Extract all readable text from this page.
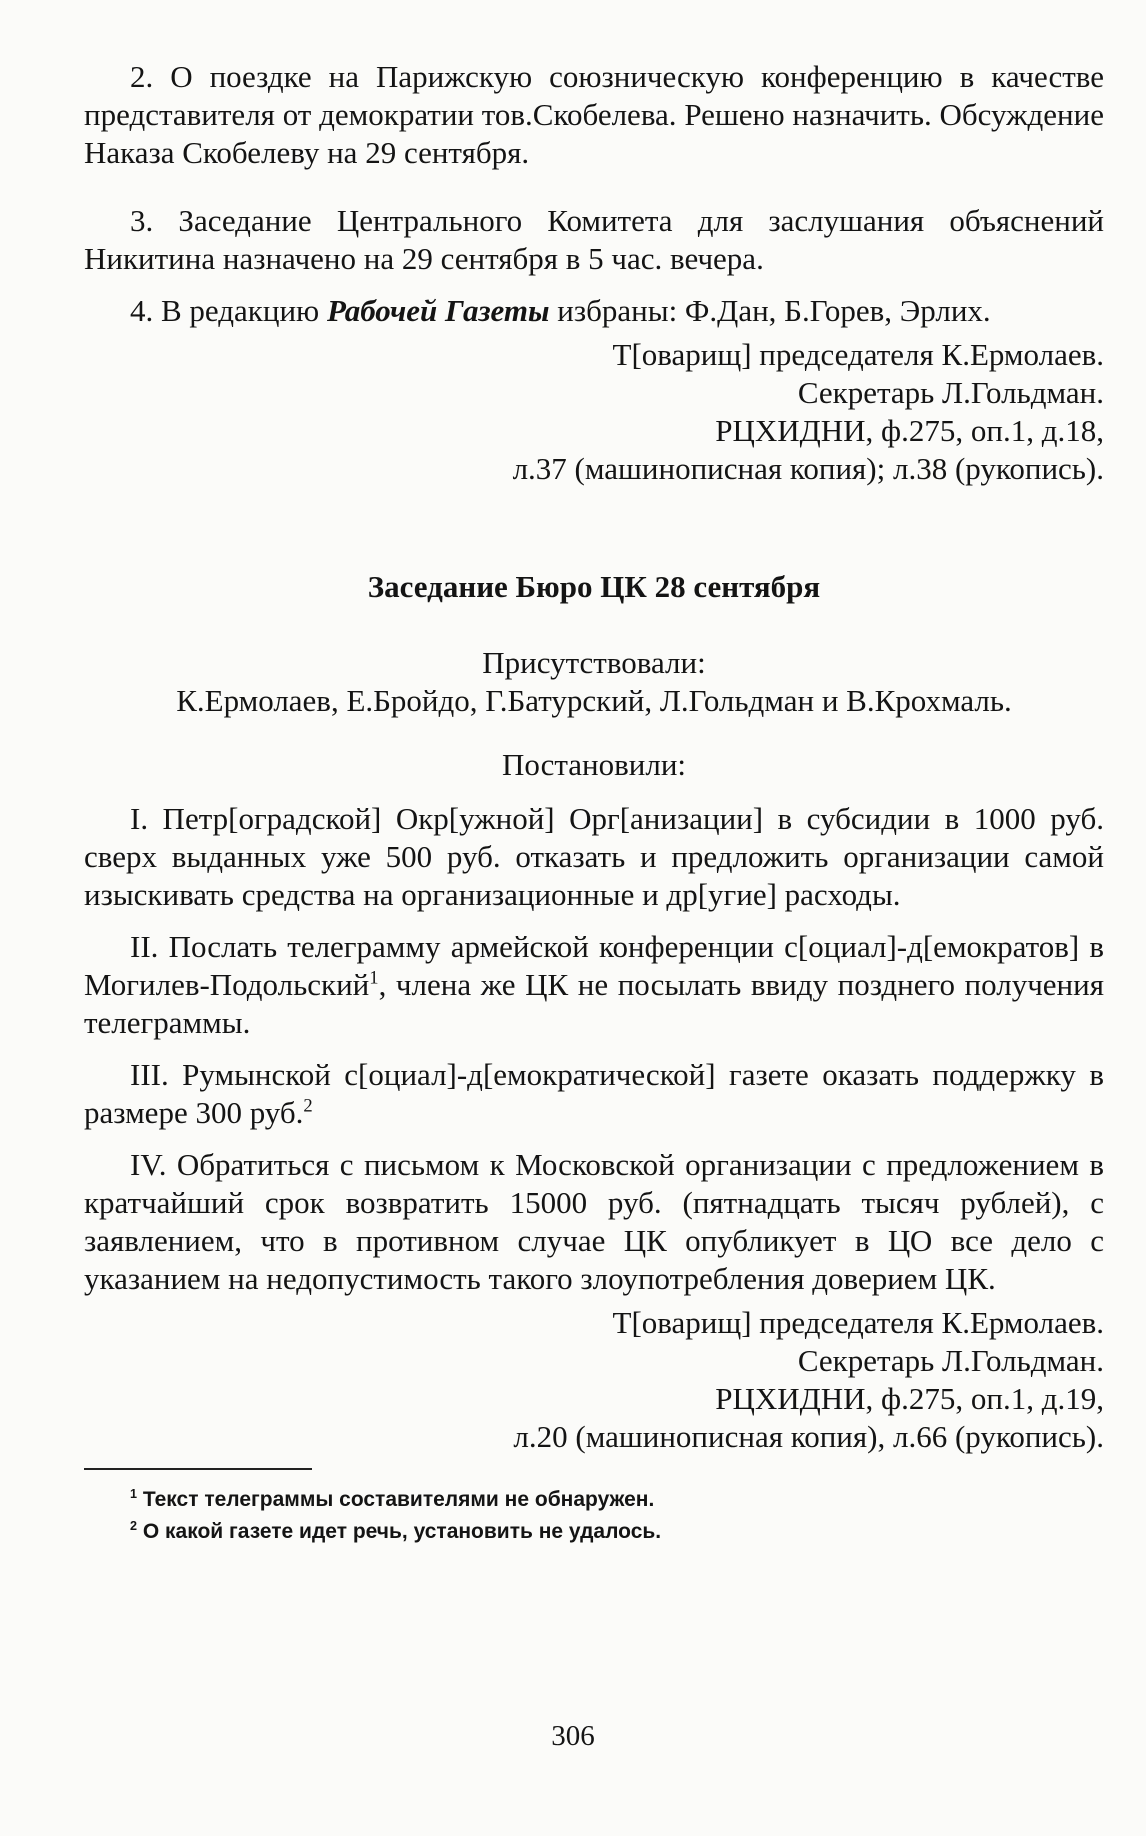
2. О поездке на Парижскую союзническую конференцию в качестве представителя от демократии тов.Скобелева. Решено назначить. Обсуждение Наказа Скобелеву на 29 сентября.

3. Заседание Центрального Комитета для заслушания объяснений Никитина назначено на 29 сентября в 5 час. вечера.

4. В редакцию Рабочей Газеты избраны: Ф.Дан, Б.Горев, Эрлих.

Т[оварищ] председателя К.Ермолаев.

Секретарь Л.Гольдман.

РЦХИДНИ, ф.275, оп.1, д.18,

л.37 (машинописная копия); л.38 (рукопись).

Заседание Бюро ЦК 28 сентября

Присутствовали:

К.Ермолаев, Е.Бройдо, Г.Батурский, Л.Гольдман и В.Крохмаль.

Постановили:

I. Петр[оградской] Окр[ужной] Орг[анизации] в субсидии в 1000 руб. сверх выданных уже 500 руб. отказать и предложить организации самой изыскивать средства на организационные и др[угие] расходы.

II. Послать телеграмму армейской конференции с[оциал]-д[емократов] в Могилев-Подольский$^1$, члена же ЦК не посылать ввиду позднего получения телеграммы.

III. Румынской с[оциал]-д[емократической] газете оказать поддержку в размере 300 руб.$^2$

IV. Обратиться с письмом к Московской организации с предложением в кратчайший срок возвратить 15000 руб. (пятнадцать тысяч рублей), с заявлением, что в противном случае ЦК опубликует в ЦО все дело с указанием на недопустимость такого злоупотребления доверием ЦК.

Т[оварищ] председателя К.Ермолаев.

Секретарь Л.Гольдман.

РЦХИДНИ, ф.275, оп.1, д.19,

л.20 (машинописная копия), л.66 (рукопись).

$^1$ Текст телеграммы составителями не обнаружен.

$^2$ О какой газете идет речь, установить не удалось.

306
